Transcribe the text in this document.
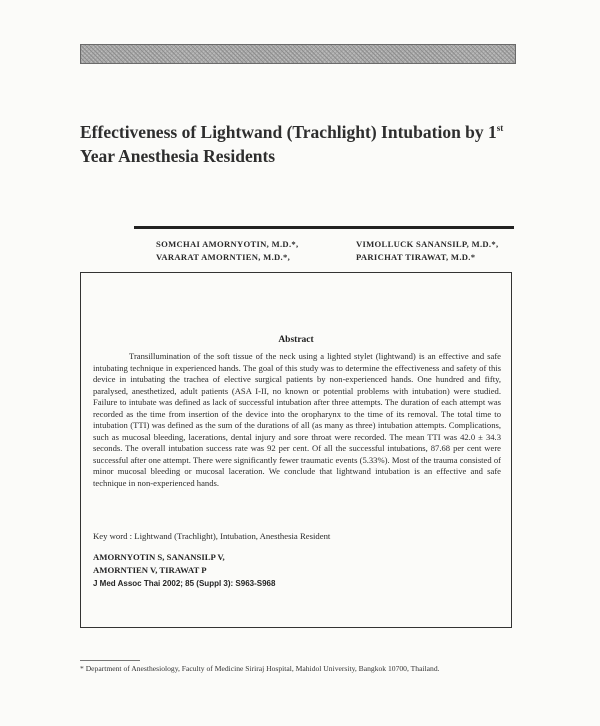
Effectiveness of Lightwand (Trachlight) Intubation by 1st
Year Anesthesia Residents
SOMCHAI AMORNYOTIN, M.D.*,
VARARAT AMORNTIEN, M.D.*,
VIMOLLUCK SANANSILP, M.D.*,
PARICHAT TIRAWAT, M.D.*
Abstract

Transillumination of the soft tissue of the neck using a lighted stylet (lightwand) is an effective and safe intubating technique in experienced hands. The goal of this study was to determine the effectiveness and safety of this device in intubating the trachea of elective surgical patients by non-experienced hands. One hundred and fifty, paralysed, anesthetized, adult patients (ASA I-II, no known or potential problems with intubation) were studied. Failure to intubate was defined as lack of successful intubation after three attempts. The duration of each attempt was recorded as the time from insertion of the device into the oropharynx to the time of its removal. The total time to intubation (TTI) was defined as the sum of the durations of all (as many as three) intubation attempts. Complications, such as mucosal bleeding, lacerations, dental injury and sore throat were recorded. The mean TTI was 42.0 ± 34.3 seconds. The overall intubation success rate was 92 per cent. Of all the successful intubations, 87.68 per cent were successful after one attempt. There were significantly fewer traumatic events (5.33%). Most of the trauma consisted of minor mucosal bleeding or mucosal laceration. We conclude that lightwand intubation is an effective and safe technique in non-experienced hands.

Key word : Lightwand (Trachlight), Intubation, Anesthesia Resident
AMORNYOTIN S, SANANSILP V,
AMORNTIEN V, TIRAWAT P
J Med Assoc Thai 2002; 85 (Suppl 3): S963-S968
* Department of Anesthesiology, Faculty of Medicine Siriraj Hospital, Mahidol University, Bangkok 10700, Thailand.
